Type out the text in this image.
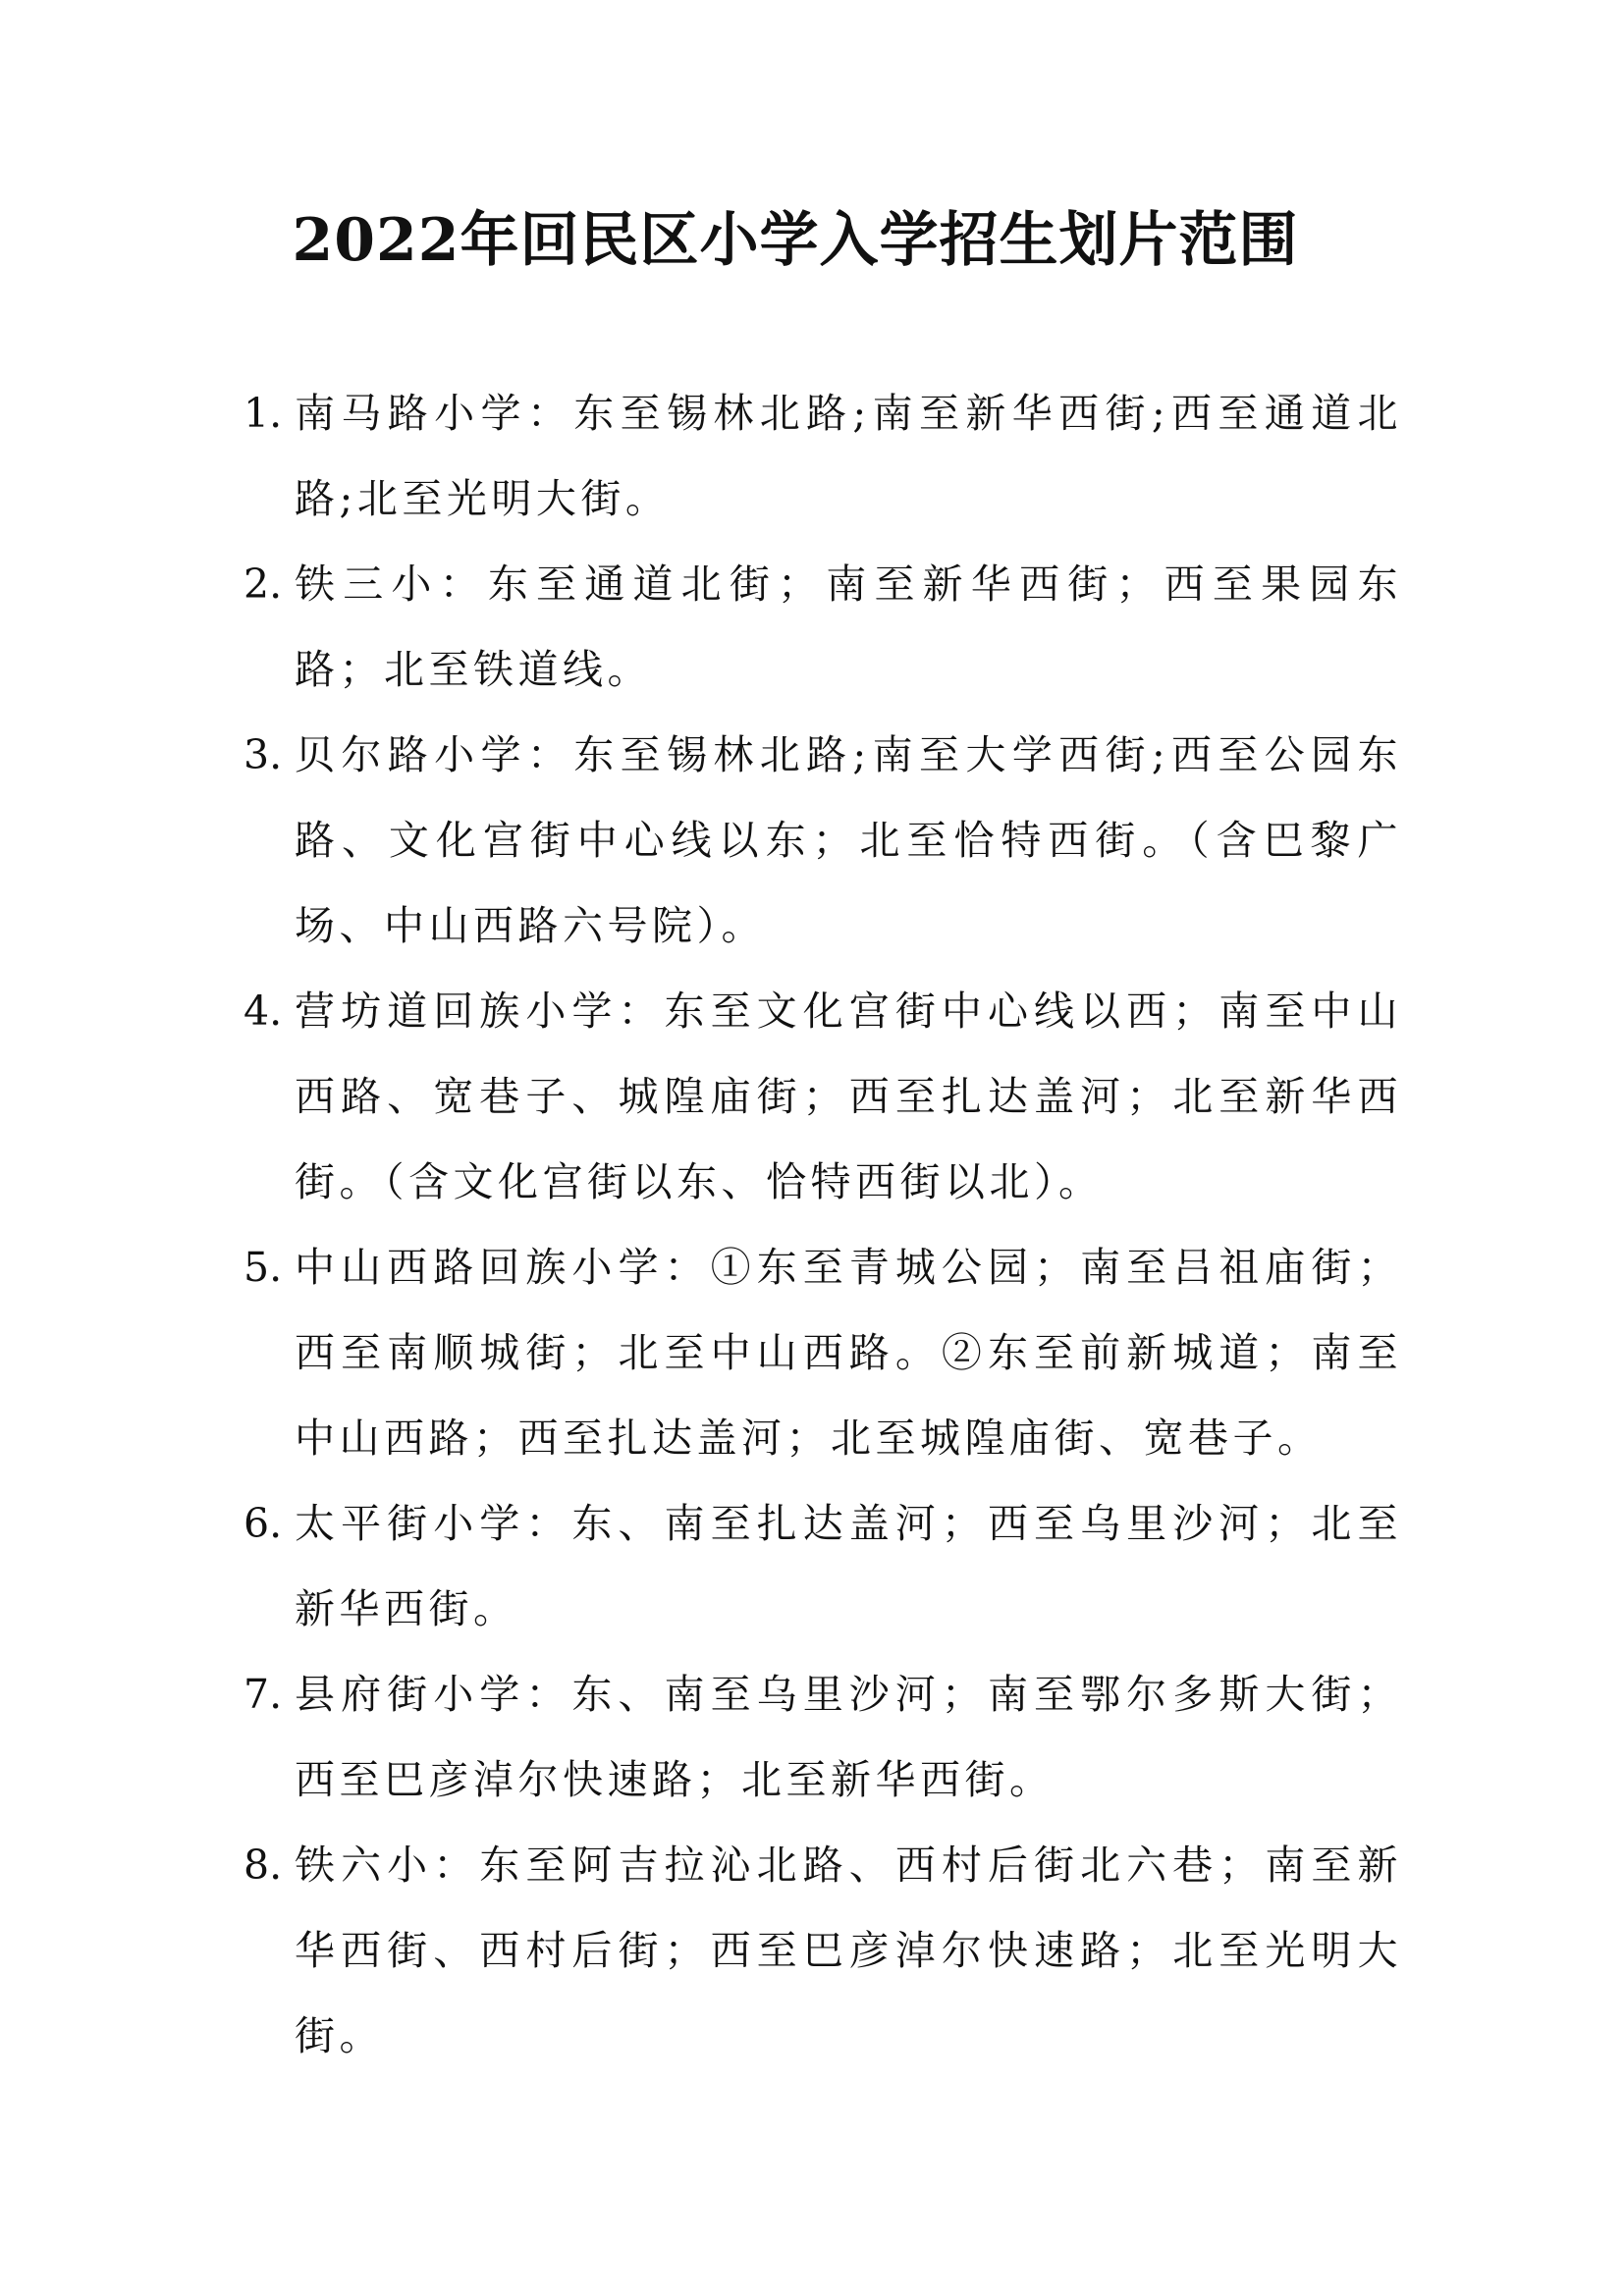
2022年回民区小学入学招生划片范围
1. 南马路小学：东至锡林北路;南至新华西街;西至通道北路;北至光明大街。
2. 铁三小：东至通道北街；南至新华西街；西至果园东路；北至铁道线。
3. 贝尔路小学：东至锡林北路;南至大学西街;西至公园东路、文化宫街中心线以东；北至恰特西街。（含巴黎广场、中山西路六号院）。
4. 营坊道回族小学：东至文化宫街中心线以西；南至中山西路、宽巷子、城隍庙街；西至扎达盖河；北至新华西街。（含文化宫街以东、恰特西街以北）。
5. 中山西路回族小学：①东至青城公园；南至吕祖庙街；西至南顺城街；北至中山西路。②东至前新城道；南至中山西路；西至扎达盖河；北至城隍庙街、宽巷子。
6. 太平街小学：东、南至扎达盖河；西至乌里沙河；北至新华西街。
7. 县府街小学：东、南至乌里沙河；南至鄂尔多斯大街；西至巴彦淖尔快速路；北至新华西街。
8. 铁六小：东至阿吉拉沁北路、西村后街北六巷；南至新华西街、西村后街；西至巴彦淖尔快速路；北至光明大街。
